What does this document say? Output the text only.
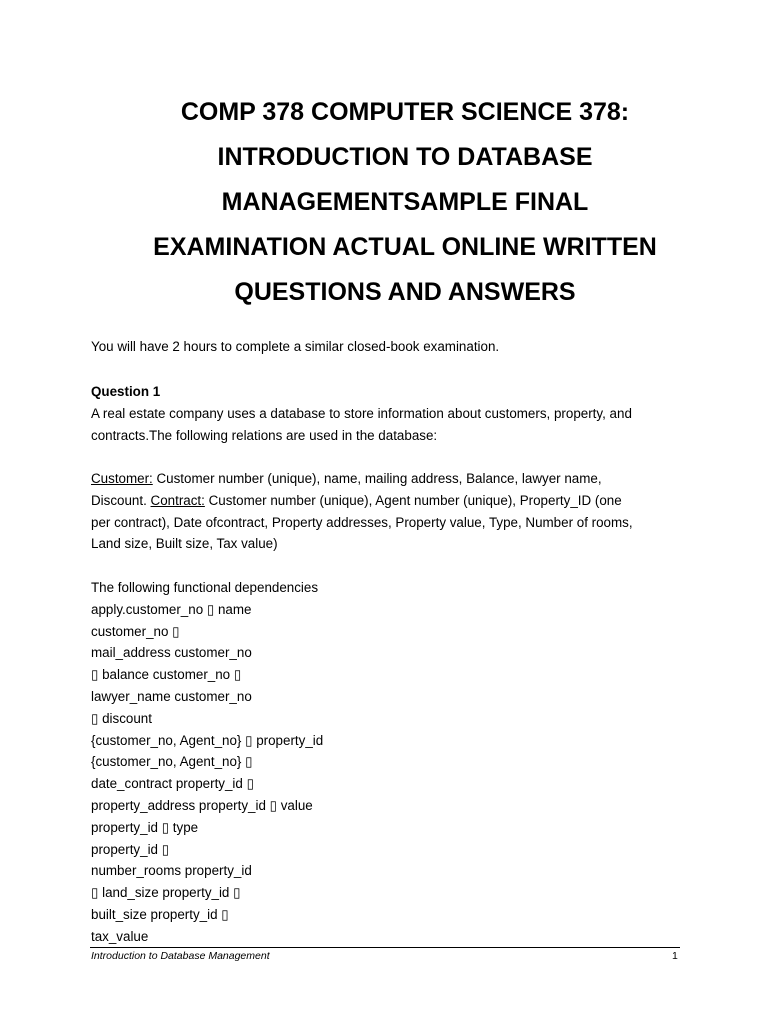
COMP 378 COMPUTER SCIENCE 378:
INTRODUCTION TO DATABASE
MANAGEMENTSAMPLE FINAL
EXAMINATION ACTUAL ONLINE WRITTEN
QUESTIONS AND ANSWERS
You will have 2 hours to complete a similar closed-book examination.
Question 1
A real estate company uses a database to store information about customers, property, and
contracts.The following relations are used in the database:
Customer: Customer number (unique), name, mailing address, Balance, lawyer name,
Discount. Contract: Customer number (unique), Agent number (unique), Property_ID (one
per contract), Date ofcontract, Property addresses, Property value, Type, Number of rooms,
Land size, Built size, Tax value)
The following functional dependencies
apply.customer_no ▯ name
customer_no ▯
mail_address customer_no
▯ balance customer_no ▯
lawyer_name customer_no
▯ discount
{customer_no, Agent_no} ▯ property_id
{customer_no, Agent_no} ▯
date_contract property_id ▯
property_address property_id ▯ value
property_id ▯ type
property_id ▯
number_rooms property_id
▯ land_size property_id ▯
built_size property_id ▯
tax_value
Introduction to Database Management	1
